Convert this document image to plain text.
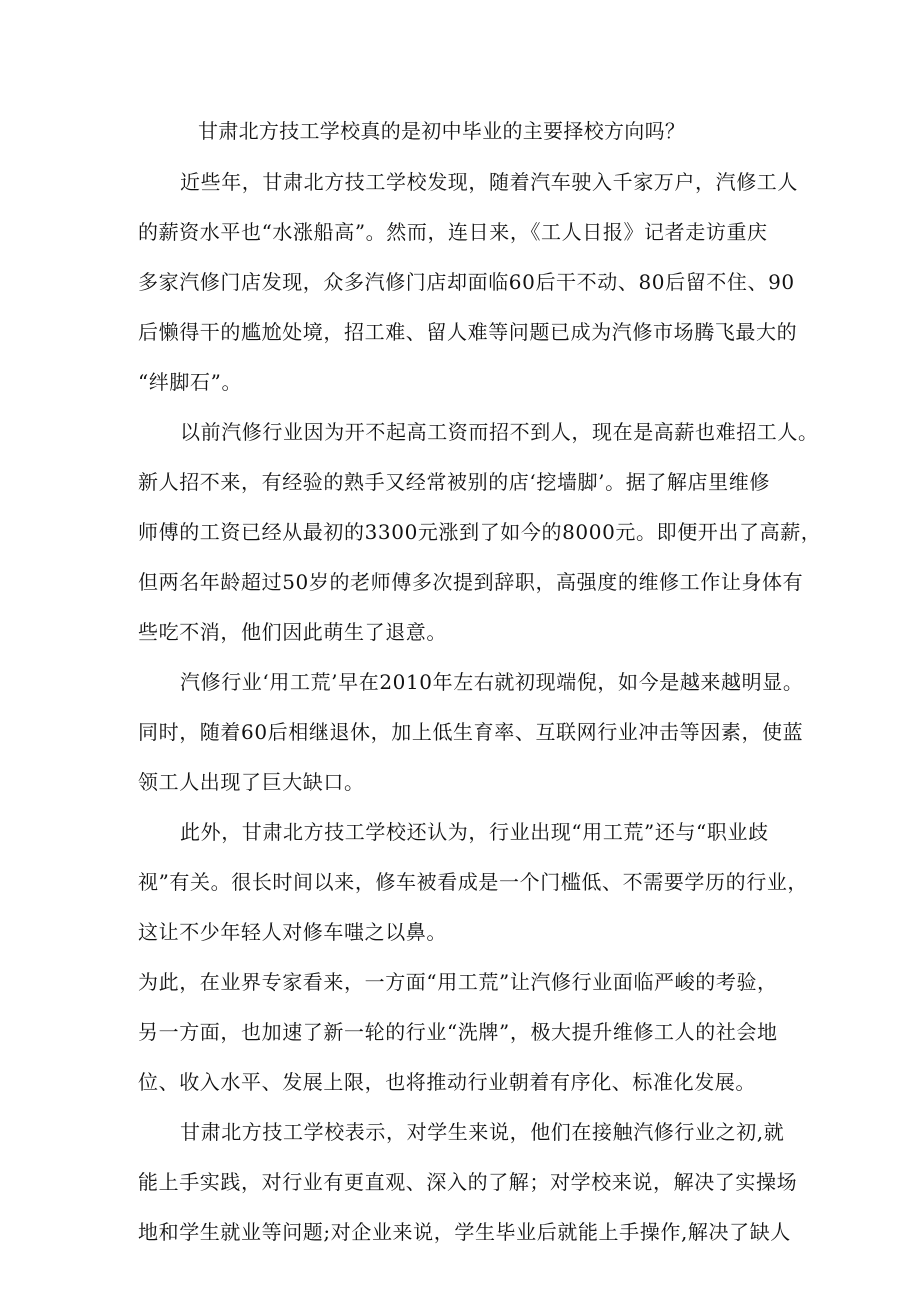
甘肃北方技工学校真的是初中毕业的主要择校方向吗？
近些年，甘肃北方技工学校发现，随着汽车驶入千家万户，汽修工人
的薪资水平也“水涨船高”。然而，连日来，《工人日报》记者走访重庆
多家汽修门店发现，众多汽修门店却面临60后干不动、80后留不住、90
后懒得干的尴尬处境，招工难、留人难等问题已成为汽修市场腾飞最大的
“绊脚石”。
以前汽修行业因为开不起高工资而招不到人，现在是高薪也难招工人。
新人招不来，有经验的熟手又经常被别的店‘挖墙脚’。据了解店里维修
师傅的工资已经从最初的3300元涨到了如今的8000元。即便开出了高薪，
但两名年龄超过50岁的老师傅多次提到辞职，高强度的维修工作让身体有
些吃不消，他们因此萌生了退意。
汽修行业‘用工荒’早在2010年左右就初现端倪，如今是越来越明显。
同时，随着60后相继退休，加上低生育率、互联网行业冲击等因素，使蓝
领工人出现了巨大缺口。
此外，甘肃北方技工学校还认为，行业出现“用工荒”还与“职业歧
视”有关。很长时间以来，修车被看成是一个门槛低、不需要学历的行业，
这让不少年轻人对修车嗤之以鼻。
为此，在业界专家看来，一方面“用工荒”让汽修行业面临严峻的考验，
另一方面，也加速了新一轮的行业“洗牌”，极大提升维修工人的社会地
位、收入水平、发展上限，也将推动行业朝着有序化、标准化发展。
甘肃北方技工学校表示，对学生来说，他们在接触汽修行业之初,就
能上手实践，对行业有更直观、深入的了解；对学校来说，解决了实操场
地和学生就业等问题;对企业来说，学生毕业后就能上手操作,解决了缺人
